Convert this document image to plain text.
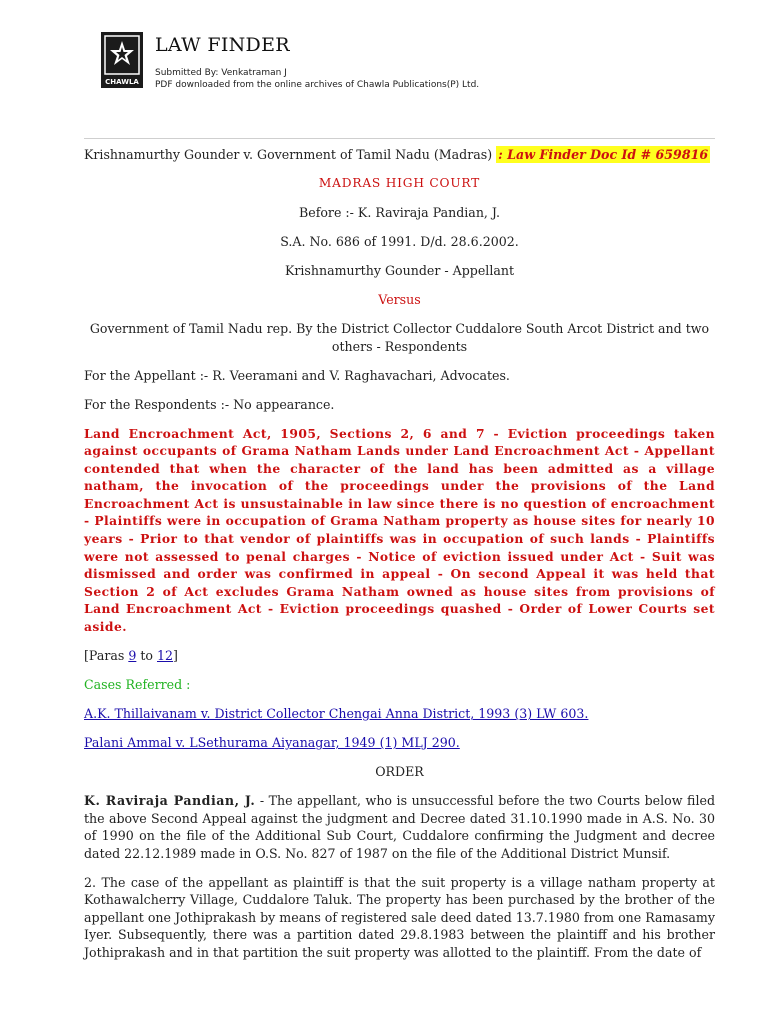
CHAWLA
LAW FINDER
Submitted By: Venkatraman J
PDF downloaded from the online archives of Chawla Publications(P) Ltd.

Krishnamurthy Gounder v. Government of Tamil Nadu (Madras) : Law Finder Doc Id # 659816

MADRAS HIGH COURT

Before :- K. Raviraja Pandian, J.

S.A. No. 686 of 1991. D/d. 28.6.2002.

Krishnamurthy Gounder - Appellant

Versus

Government of Tamil Nadu rep. By the District Collector Cuddalore South Arcot District and two others - Respondents

For the Appellant :- R. Veeramani and V. Raghavachari, Advocates.

For the Respondents :- No appearance.

Land Encroachment Act, 1905, Sections 2, 6 and 7 - Eviction proceedings taken against occupants of Grama Natham Lands under Land Encroachment Act - Appellant contended that when the character of the land has been admitted as a village natham, the invocation of the proceedings under the provisions of the Land Encroachment Act is unsustainable in law since there is no question of encroachment - Plaintiffs were in occupation of Grama Natham property as house sites for nearly 10 years - Prior to that vendor of plaintiffs was in occupation of such lands - Plaintiffs were not assessed to penal charges - Notice of eviction issued under Act - Suit was dismissed and order was confirmed in appeal - On second Appeal it was held that Section 2 of Act excludes Grama Natham owned as house sites from provisions of Land Encroachment Act - Eviction proceedings quashed - Order of Lower Courts set aside.

[Paras 9 to 12]

Cases Referred :

A.K. Thillaivanam v. District Collector Chengai Anna District, 1993 (3) LW 603.

Palani Ammal v. LSethurama Aiyanagar, 1949 (1) MLJ 290.

ORDER

K. Raviraja Pandian, J. - The appellant, who is unsuccessful before the two Courts below filed the above Second Appeal against the judgment and Decree dated 31.10.1990 made in A.S. No. 30 of 1990 on the file of the Additional Sub Court, Cuddalore confirming the Judgment and decree dated 22.12.1989 made in O.S. No. 827 of 1987 on the file of the Additional District Munsif.

2. The case of the appellant as plaintiff is that the suit property is a village natham property at Kothawalcherry Village, Cuddalore Taluk. The property has been purchased by the brother of the appellant one Jothiprakash by means of registered sale deed dated 13.7.1980 from one Ramasamy Iyer. Subsequently, there was a partition dated 29.8.1983 between the plaintiff and his brother Jothiprakash and in that partition the suit property was allotted to the plaintiff. From the date of
